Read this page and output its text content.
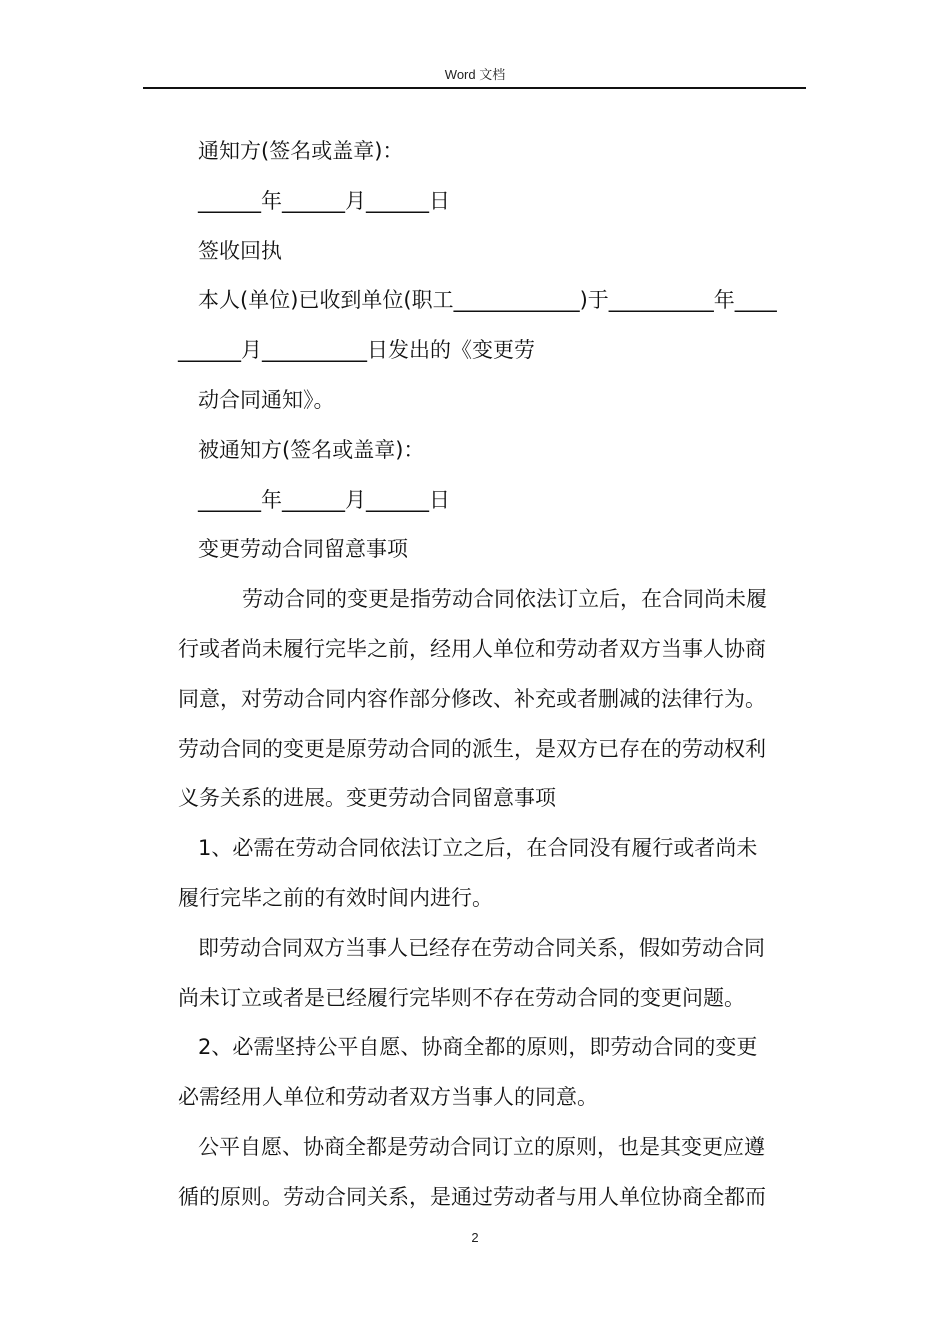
Word 文档
通知方(签名或盖章)：
______年______月______日
签收回执
本人(单位)已收到单位(职工____________)于__________年____
______月__________日发出的《变更劳
动合同通知》。
被通知方(签名或盖章)：
______年______月______日
变更劳动合同留意事项
劳动合同的变更是指劳动合同依法订立后，在合同尚未履
行或者尚未履行完毕之前，经用人单位和劳动者双方当事人协商
同意，对劳动合同内容作部分修改、补充或者删减的法律行为。
劳动合同的变更是原劳动合同的派生，是双方已存在的劳动权利
义务关系的进展。变更劳动合同留意事项
1、必需在劳动合同依法订立之后，在合同没有履行或者尚未
履行完毕之前的有效时间内进行。
即劳动合同双方当事人已经存在劳动合同关系，假如劳动合同
尚未订立或者是已经履行完毕则不存在劳动合同的变更问题。
2、必需坚持公平自愿、协商全都的原则，即劳动合同的变更
必需经用人单位和劳动者双方当事人的同意。
公平自愿、协商全都是劳动合同订立的原则，也是其变更应遵
循的原则。劳动合同关系，是通过劳动者与用人单位协商全都而
2
